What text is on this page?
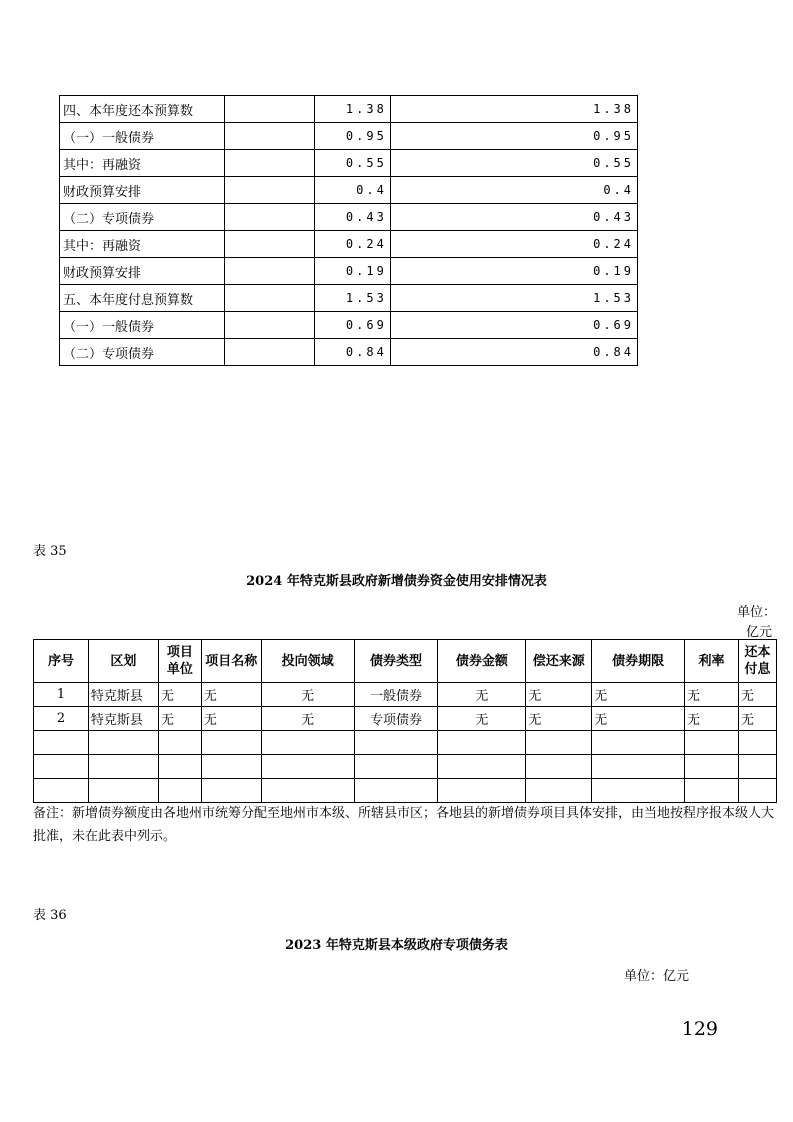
四、本年度还本预算数		1.38	1.38
（一）一般债券		0.95	0.95
其中：再融资		0.55	0.55
财政预算安排		0.4	0.4
（二）专项债券		0.43	0.43
其中：再融资		0.24	0.24
财政预算安排		0.19	0.19
五、本年度付息预算数		1.53	1.53
（一）一般债券		0.69	0.69
（二）专项债券		0.84	0.84
表 35
2024 年特克斯县政府新增债券资金使用安排情况表
单位：
亿元
序号	区划	项目单位	项目名称	投向领域	债券类型	债券金额	偿还来源	债券期限	利率	还本付息
1	特克斯县	无	无	无	一般债券	无	无	无	无	无
2	特克斯县	无	无	无	专项债券	无	无	无	无	无

备注：新增债券额度由各地州市统筹分配至地州市本级、所辖县市区；各地县的新增债券项目具体安排，由当地按程序报本级人大批准，未在此表中列示。
表 36
2023 年特克斯县本级政府专项债务表
单位：亿元
129
